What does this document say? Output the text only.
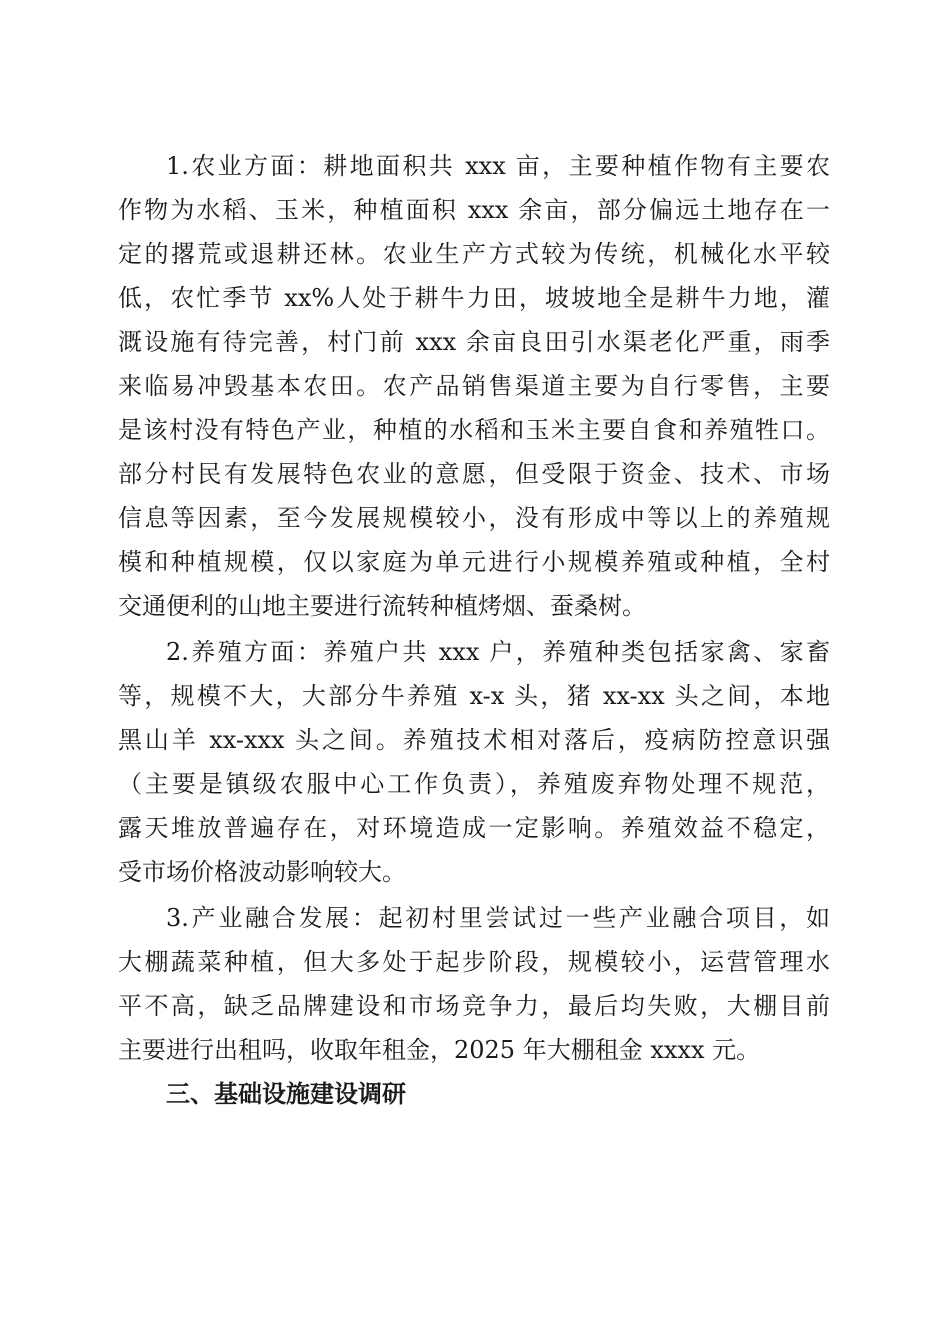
1.农业方面：耕地面积共 xxx 亩，主要种植作物有主要农
作物为水稻、玉米，种植面积 xxx 余亩，部分偏远土地存在一
定的撂荒或退耕还林。农业生产方式较为传统，机械化水平较
低，农忙季节 xx%人处于耕牛力田，坡坡地全是耕牛力地，灌
溉设施有待完善，村门前 xxx 余亩良田引水渠老化严重，雨季
来临易冲毁基本农田。农产品销售渠道主要为自行零售，主要
是该村没有特色产业，种植的水稻和玉米主要自食和养殖牲口。
部分村民有发展特色农业的意愿，但受限于资金、技术、市场
信息等因素，至今发展规模较小，没有形成中等以上的养殖规
模和种植规模，仅以家庭为单元进行小规模养殖或种植，全村
交通便利的山地主要进行流转种植烤烟、蚕桑树。
2.养殖方面：养殖户共 xxx 户，养殖种类包括家禽、家畜
等，规模不大，大部分牛养殖 x-x 头，猪 xx-xx 头之间，本地
黑山羊 xx-xxx 头之间。养殖技术相对落后，疫病防控意识强
（主要是镇级农服中心工作负责），养殖废弃物处理不规范，
露天堆放普遍存在，对环境造成一定影响。养殖效益不稳定，
受市场价格波动影响较大。
3.产业融合发展：起初村里尝试过一些产业融合项目，如
大棚蔬菜种植，但大多处于起步阶段，规模较小，运营管理水
平不高，缺乏品牌建设和市场竞争力，最后均失败，大棚目前
主要进行出租吗，收取年租金，2025 年大棚租金 xxxx 元。
三、基础设施建设调研
